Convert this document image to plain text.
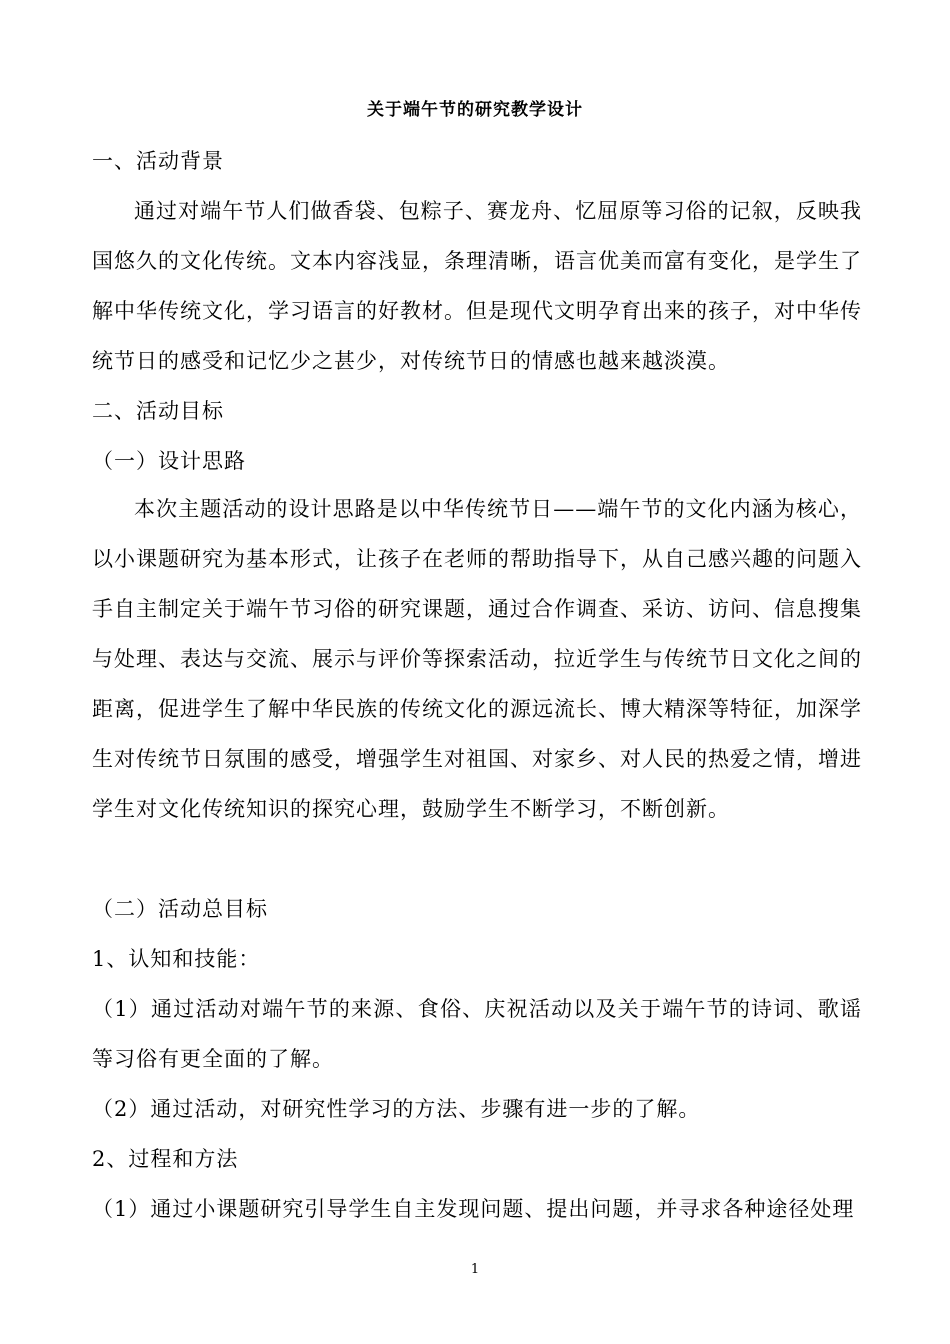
关于端午节的研究教学设计
一、活动背景

通过对端午节人们做香袋、包粽子、赛龙舟、忆屈原等习俗的记叙，反映我国悠久的文化传统。文本内容浅显，条理清晰，语言优美而富有变化，是学生了解中华传统文化，学习语言的好教材。但是现代文明孕育出来的孩子，对中华传统节日的感受和记忆少之甚少，对传统节日的情感也越来越淡漠。

二、活动目标
（一）设计思路

本次主题活动的设计思路是以中华传统节日——端午节的文化内涵为核心，以小课题研究为基本形式，让孩子在老师的帮助指导下，从自己感兴趣的问题入手自主制定关于端午节习俗的研究课题，通过合作调查、采访、访问、信息搜集与处理、表达与交流、展示与评价等探索活动，拉近学生与传统节日文化之间的距离，促进学生了解中华民族的传统文化的源远流长、博大精深等特征，加深学生对传统节日氛围的感受，增强学生对祖国、对家乡、对人民的热爱之情，增进学生对文化传统知识的探究心理，鼓励学生不断学习，不断创新。

（二）活动总目标
1、认知和技能：

（1）通过活动对端午节的来源、食俗、庆祝活动以及关于端午节的诗词、歌谣等习俗有更全面的了解。

（2）通过活动，对研究性学习的方法、步骤有进一步的了解。
2、过程和方法
（1）通过小课题研究引导学生自主发现问题、提出问题，并寻求各种途径处理
1
